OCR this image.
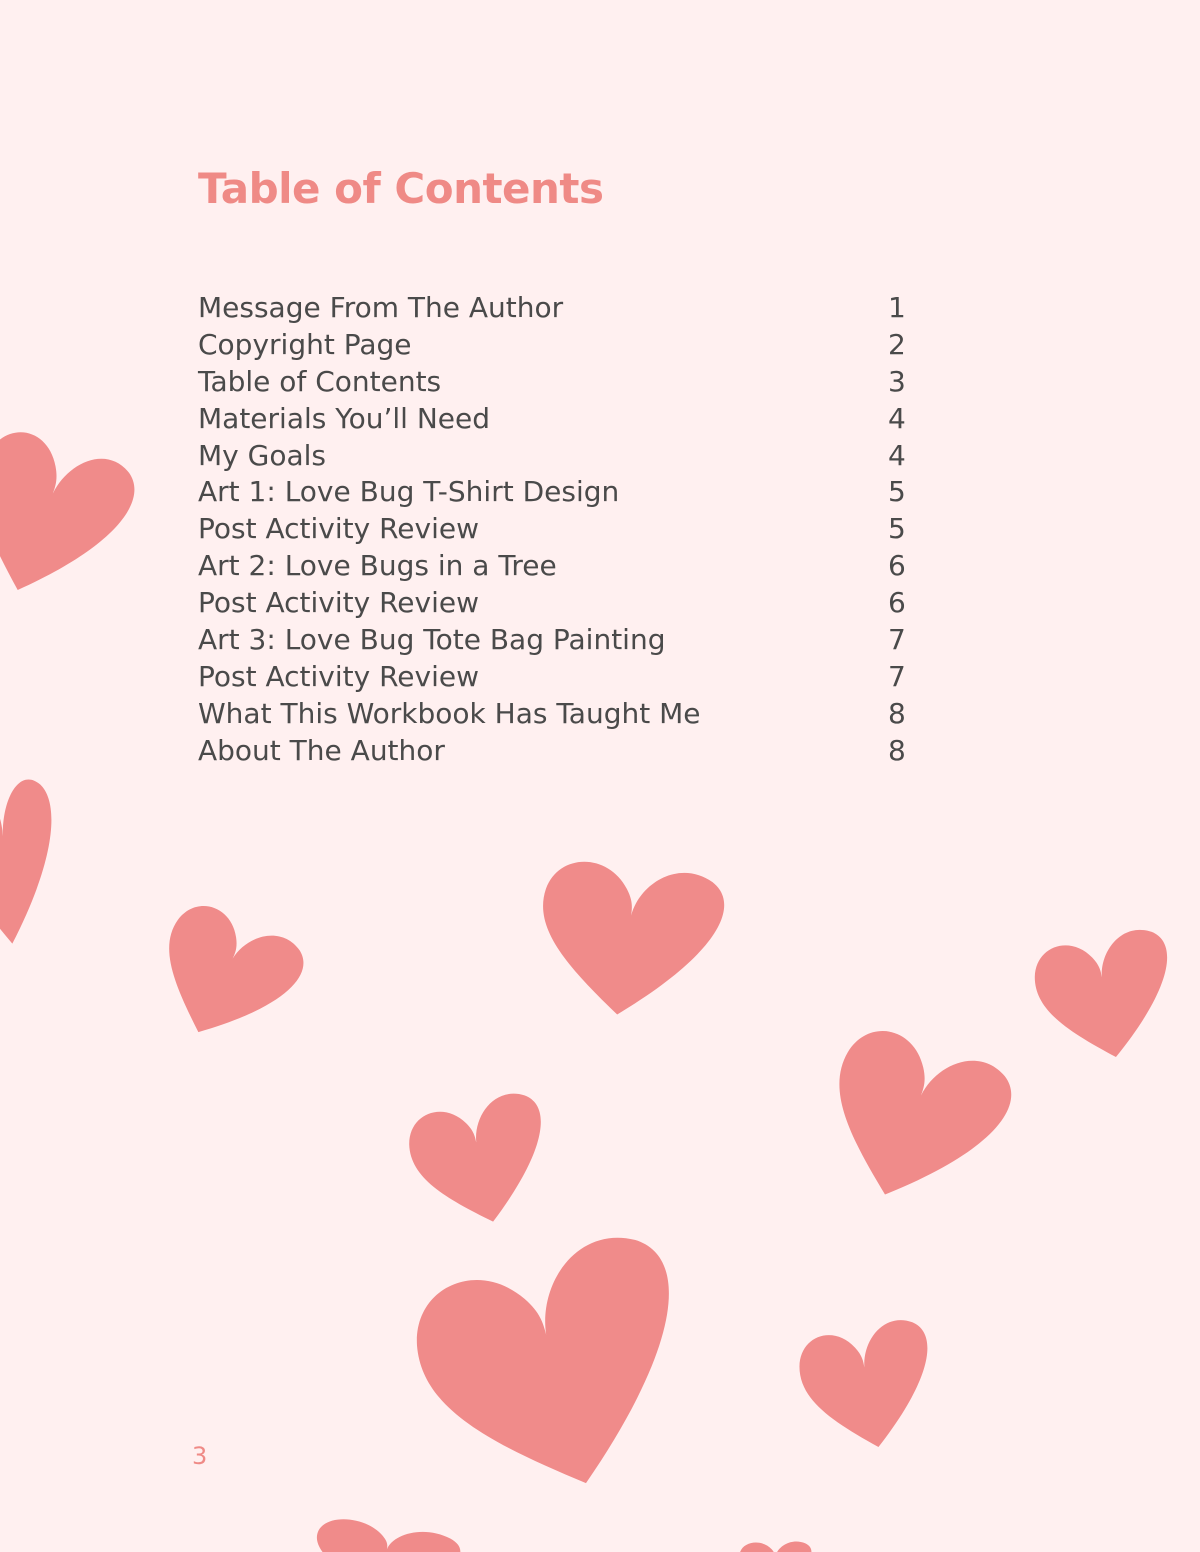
Table of Contents
Message From The Author	1
Copyright Page	2
Table of Contents	3
Materials You’ll Need	4
My Goals	4
Art 1: Love Bug T-Shirt Design	5
Post Activity Review	5
Art 2: Love Bugs in a Tree	6
Post Activity Review	6
Art 3: Love Bug Tote Bag Painting	7
Post Activity Review	7
What This Workbook Has Taught Me	8
About The Author	8
3
